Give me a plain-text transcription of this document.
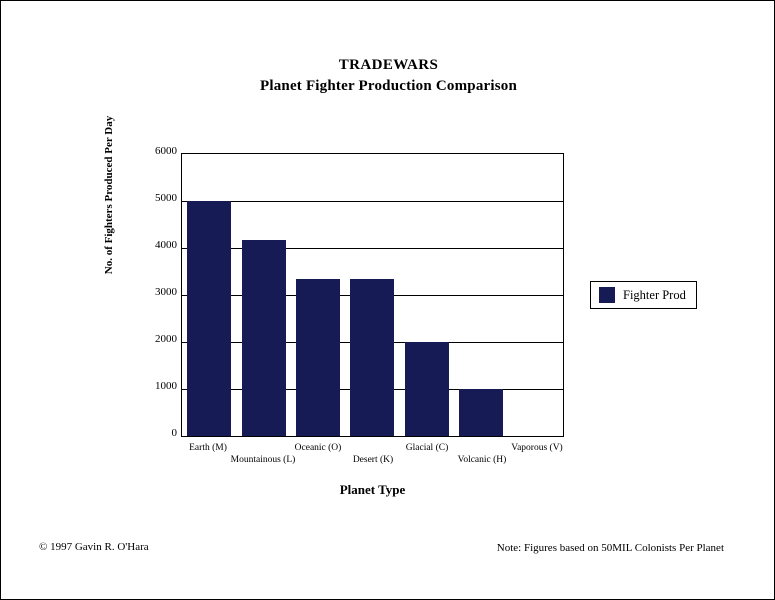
TRADEWARS
Planet Fighter Production Comparison
No. of Fighters Produced Per Day	6000
5000
4000
3000
2000
1000
0
Earth (M)
Mountainous (L)
Oceanic (O)
Desert (K)
Glacial (C)
Volcanic (H)
Vaporous (V)
Planet Type
Fighter Prod
© 1997 Gavin R. O'Hara	Note: Figures based on 50MIL Colonists Per Planet
